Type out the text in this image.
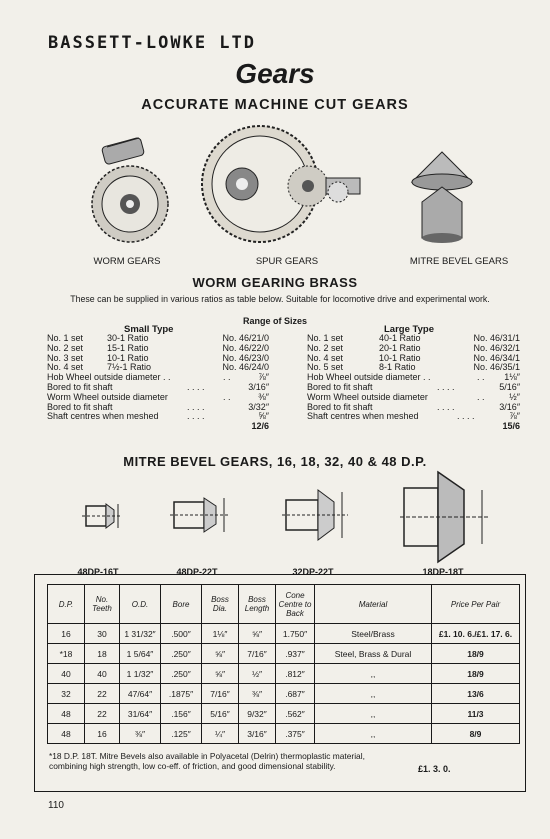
BASSETT-LOWKE LTD
Gears
ACCURATE MACHINE CUT GEARS
WORM GEARS	SPUR GEARS	MITRE BEVEL GEARS
WORM GEARING BRASS
These can be supplied in various ratios as table below. Suitable for locomotive drive and experimental work.
Range of Sizes
Small Type
No. 1 set	30-1 Ratio	No. 46/21/0
No. 2 set	15-1 Ratio	No. 46/22/0
No. 3 set	10-1 Ratio	No. 46/23/0
No. 4 set	7½-1 Ratio	No. 46/24/0
Hob Wheel outside diameter . .	. .	⅞″
Bored to fit shaft	. . . .	3/16″
Worm Wheel outside diameter	. .	⅜″
Bored to fit shaft	. . . .	3/32″
Shaft centres when meshed	. . . .	⅝″
12/6
Large Type
No. 1 set	40-1 Ratio	No. 46/31/1
No. 2 set	20-1 Ratio	No. 46/32/1
No. 4 set	10-1 Ratio	No. 46/34/1
No. 5 set	8-1 Ratio	No. 46/35/1
Hob Wheel outside diameter . .	. . 1⅛″
Bored to fit shaft	. . . .	5/16″
Worm Wheel outside diameter	. .	½″
Bored to fit shaft	. . . .	3/16″
Shaft centres when meshed	. . . .	⅞″
15/6
MITRE BEVEL GEARS, 16, 18, 32, 40 & 48 D.P.
48DP-16T	48DP-22T	32DP-22T	18DP-18T
D.P.	No. Teeth	O.D.	Bore	Boss Dia.	Boss Length	Cone Centre to Back	Material	Price Per Pair
16	30	1 31/32″	.500″	1⅛″	⅝″	1.750″	Steel/Brass	£1. 10. 6./£1. 17. 6.
*18	18	1 5/64″	.250″	⅝″	7/16″	.937″	Steel, Brass & Dural	18/9
40	40	1 1/32″	.250″	⅝″	½″	.812″	,,	18/9
32	22	47/64″	.1875″	7/16″	⅜″	.687″	,,	13/6
48	22	31/64″	.156″	5/16″	9/32″	.562″	,,	11/3
48	16	⅜″	.125″	¼″	3/16″	.375″	,,	8/9
*18 D.P. 18T. Mitre Bevels also available in Polyacetal (Delrin) thermoplastic material, combining high strength, low co-eff. of friction, and good dimensional stability.	£1. 3. 0.
110
